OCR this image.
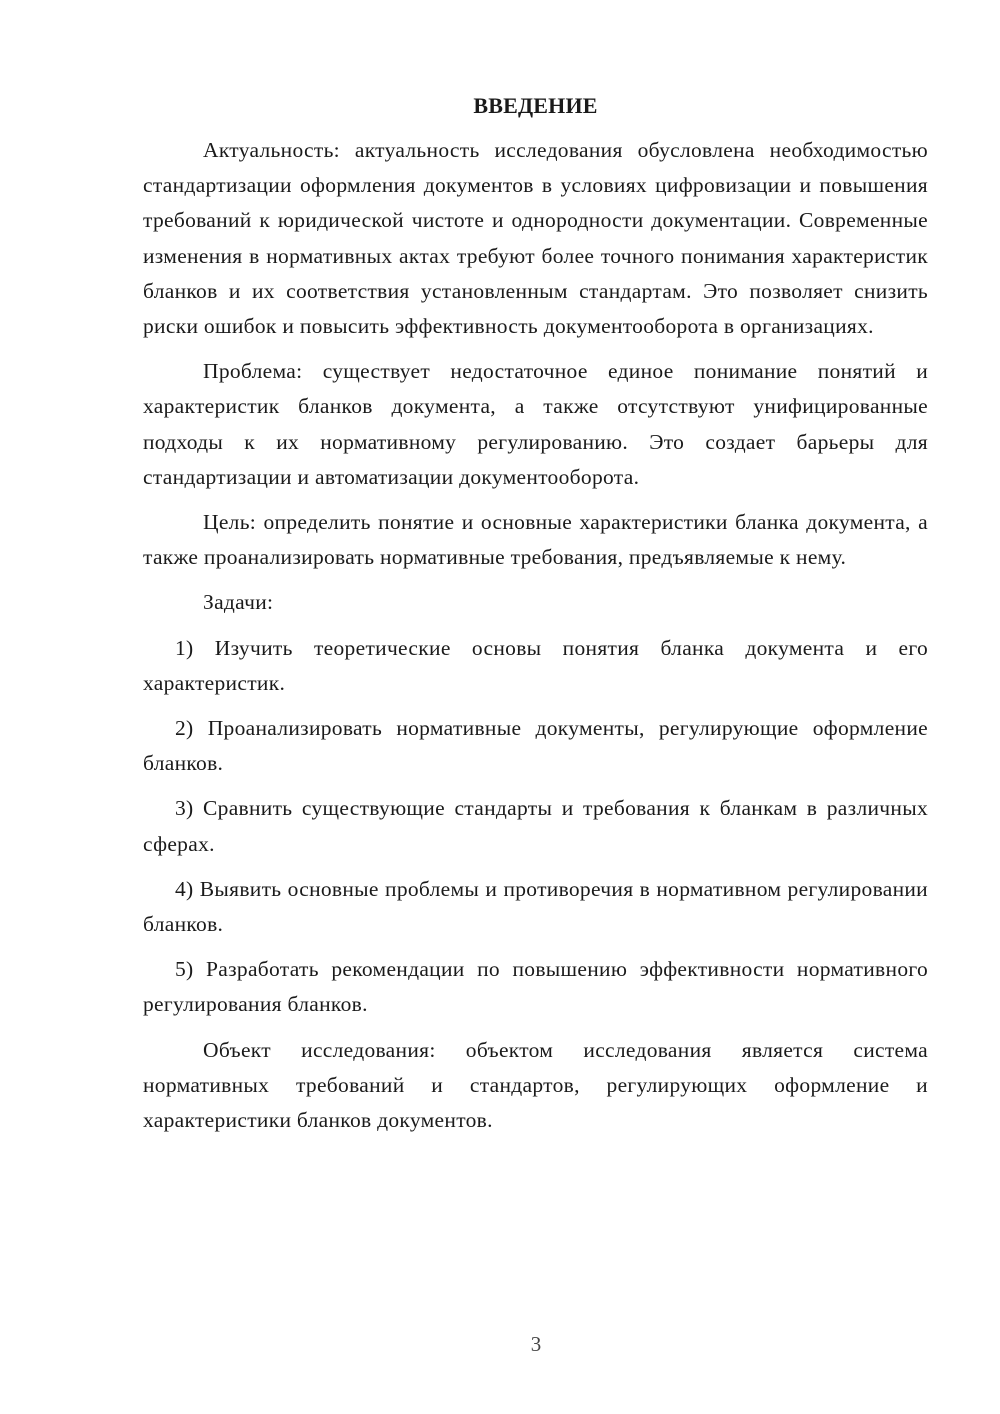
ВВЕДЕНИЕ

Актуальность: актуальность исследования обусловлена необходимостью стандартизации оформления документов в условиях цифровизации и повышения требований к юридической чистоте и однородности документации. Современные изменения в нормативных актах требуют более точного понимания характеристик бланков и их соответствия установленным стандартам. Это позволяет снизить риски ошибок и повысить эффективность документооборота в организациях.

Проблема: существует недостаточное единое понимание понятий и характеристик бланков документа, а также отсутствуют унифицированные подходы к их нормативному регулированию. Это создает барьеры для стандартизации и автоматизации документооборота.

Цель: определить понятие и основные характеристики бланка документа, а также проанализировать нормативные требования, предъявляемые к нему.

Задачи:

1) Изучить теоретические основы понятия бланка документа и его характеристик.

2) Проанализировать нормативные документы, регулирующие оформление бланков.

3) Сравнить существующие стандарты и требования к бланкам в различных сферах.

4) Выявить основные проблемы и противоречия в нормативном регулировании бланков.

5) Разработать рекомендации по повышению эффективности нормативного регулирования бланков.

Объект исследования: объектом исследования является система нормативных требований и стандартов, регулирующих оформление и характеристики бланков документов.

3
